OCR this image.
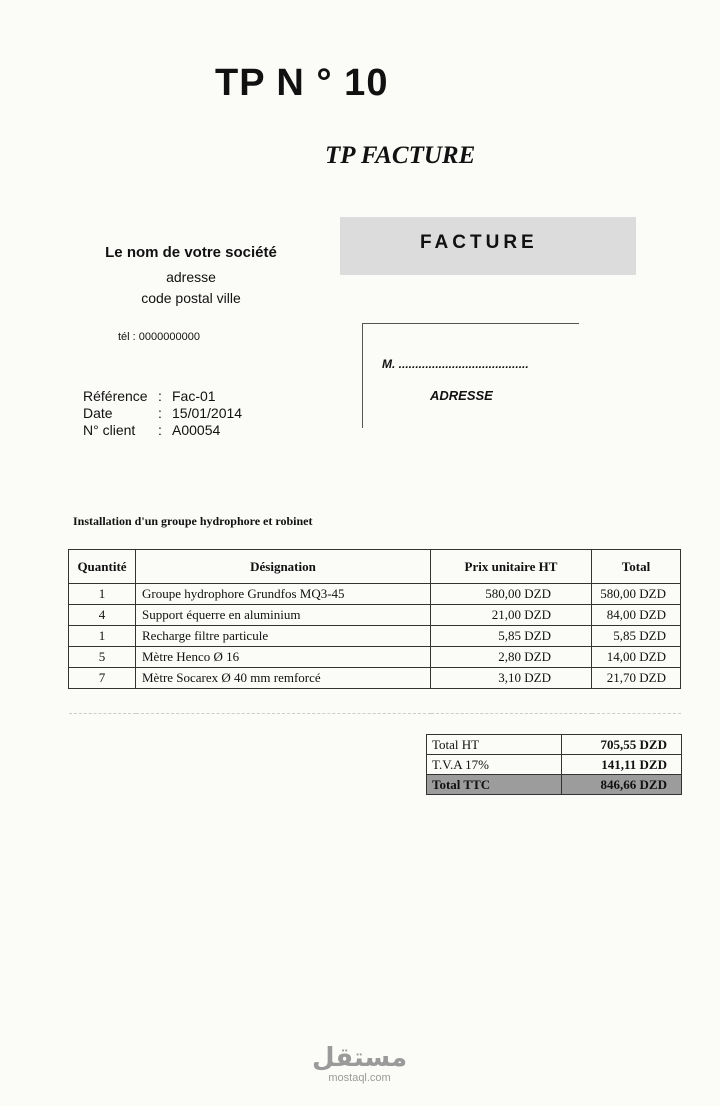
TP N ° 10
TP FACTURE
FACTURE
Le nom de votre société
adresse
code postal ville
tél : 0000000000
M. .......................................
ADRESSE
Référence : Fac-01
Date	: 15/01/2014
N° client	: A00054
Installation d'un groupe hydrophore et robinet
Quantité	Désignation	Prix unitaire HT	Total
1	Groupe hydrophore Grundfos MQ3-45	580,00 DZD	580,00 DZD
4	Support équerre en aluminium	21,00 DZD	84,00 DZD
1	Recharge filtre particule	5,85 DZD	5,85 DZD
5	Mètre Henco Ø 16	2,80 DZD	14,00 DZD
7	Mètre Socarex Ø 40 mm remforcé	3,10 DZD	21,70 DZD

Total HT	705,55 DZD
T.V.A 17%	141,11 DZD
Total TTC	846,66 DZD
مستقل
mostaql.com
